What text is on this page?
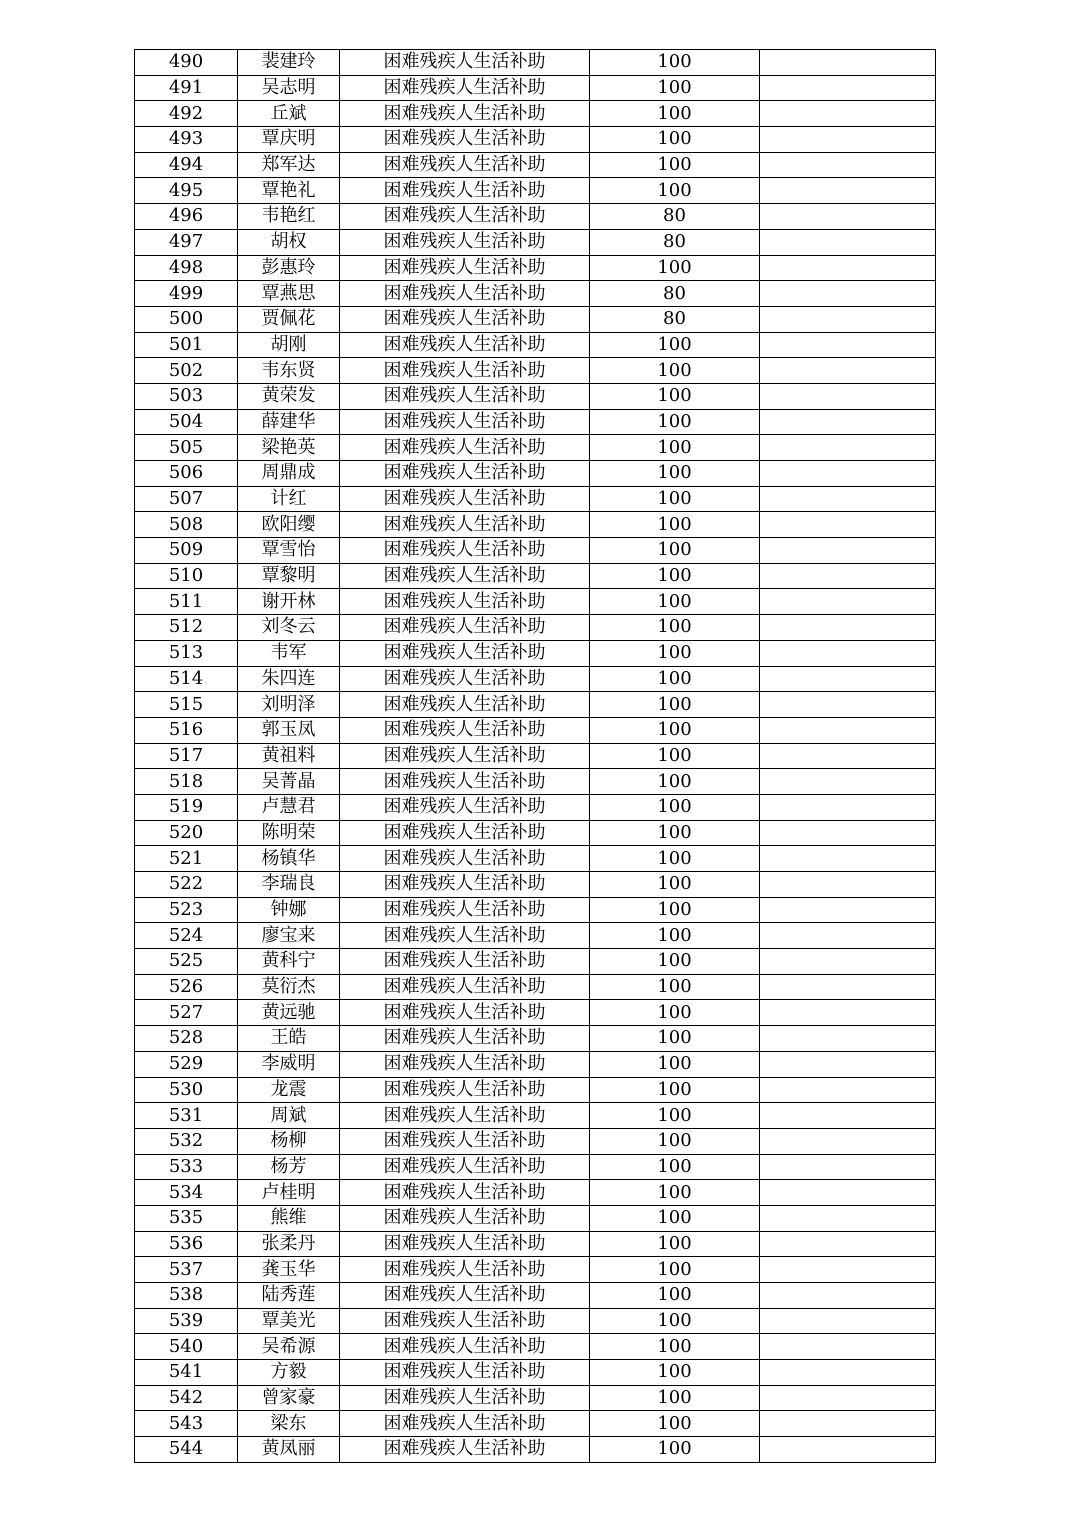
490	裴建玲	困难残疾人生活补助	100	
491	吴志明	困难残疾人生活补助	100	
492	丘斌	困难残疾人生活补助	100	
493	覃庆明	困难残疾人生活补助	100	
494	郑军达	困难残疾人生活补助	100	
495	覃艳礼	困难残疾人生活补助	100	
496	韦艳红	困难残疾人生活补助	80	
497	胡权	困难残疾人生活补助	80	
498	彭惠玲	困难残疾人生活补助	100	
499	覃燕思	困难残疾人生活补助	80	
500	贾佩花	困难残疾人生活补助	80	
501	胡刚	困难残疾人生活补助	100	
502	韦东贤	困难残疾人生活补助	100	
503	黄荣发	困难残疾人生活补助	100	
504	薛建华	困难残疾人生活补助	100	
505	梁艳英	困难残疾人生活补助	100	
506	周鼎成	困难残疾人生活补助	100	
507	计红	困难残疾人生活补助	100	
508	欧阳缨	困难残疾人生活补助	100	
509	覃雪怡	困难残疾人生活补助	100	
510	覃黎明	困难残疾人生活补助	100	
511	谢开林	困难残疾人生活补助	100	
512	刘冬云	困难残疾人生活补助	100	
513	韦军	困难残疾人生活补助	100	
514	朱四连	困难残疾人生活补助	100	
515	刘明泽	困难残疾人生活补助	100	
516	郭玉凤	困难残疾人生活补助	100	
517	黄祖料	困难残疾人生活补助	100	
518	吴菁晶	困难残疾人生活补助	100	
519	卢慧君	困难残疾人生活补助	100	
520	陈明荣	困难残疾人生活补助	100	
521	杨镇华	困难残疾人生活补助	100	
522	李瑞良	困难残疾人生活补助	100	
523	钟娜	困难残疾人生活补助	100	
524	廖宝来	困难残疾人生活补助	100	
525	黄科宁	困难残疾人生活补助	100	
526	莫衍杰	困难残疾人生活补助	100	
527	黄远驰	困难残疾人生活补助	100	
528	王皓	困难残疾人生活补助	100	
529	李威明	困难残疾人生活补助	100	
530	龙震	困难残疾人生活补助	100	
531	周斌	困难残疾人生活补助	100	
532	杨柳	困难残疾人生活补助	100	
533	杨芳	困难残疾人生活补助	100	
534	卢桂明	困难残疾人生活补助	100	
535	熊维	困难残疾人生活补助	100	
536	张柔丹	困难残疾人生活补助	100	
537	龚玉华	困难残疾人生活补助	100	
538	陆秀莲	困难残疾人生活补助	100	
539	覃美光	困难残疾人生活补助	100	
540	吴希源	困难残疾人生活补助	100	
541	方毅	困难残疾人生活补助	100	
542	曾家豪	困难残疾人生活补助	100	
543	梁东	困难残疾人生活补助	100	
544	黄凤丽	困难残疾人生活补助	100	
